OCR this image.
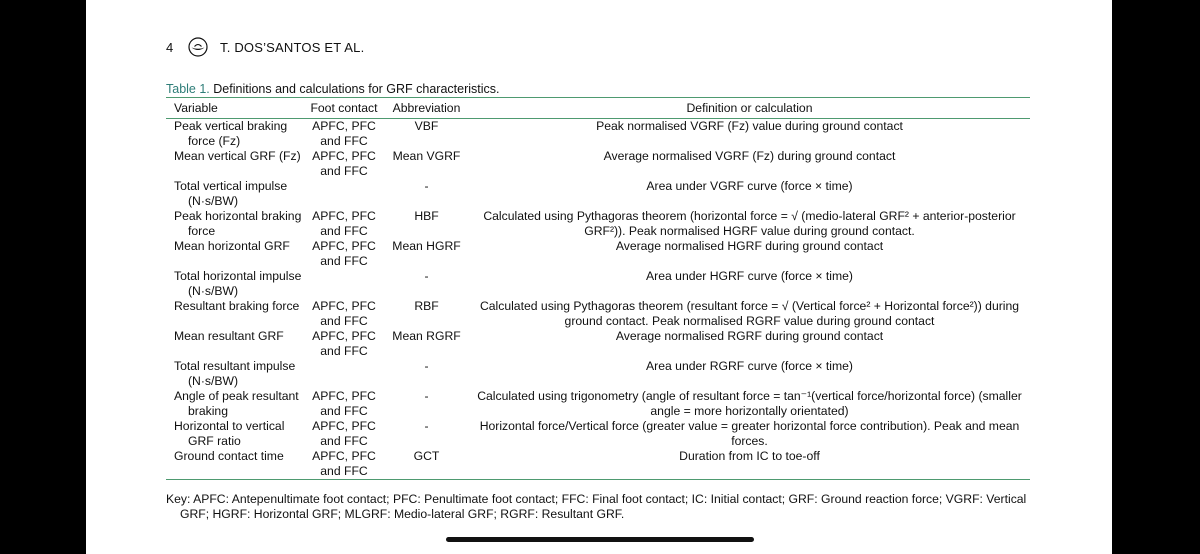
4	T. DOS’SANTOS ET AL.
Table 1. Definitions and calculations for GRF characteristics.
Variable	Foot contact	Abbreviation	Definition or calculation

Peak vertical braking force (Fz)	APFC, PFC and FFC	VBF	Peak normalised VGRF (Fz) value during ground contact

Mean vertical GRF (Fz)	APFC, PFC and FFC	Mean VGRF	Average normalised VGRF (Fz) during ground contact

Total vertical impulse (N·s/BW)		-	Area under VGRF curve (force × time)

Peak horizontal braking force	APFC, PFC and FFC	HBF	Calculated using Pythagoras theorem (horizontal force = √ (medio-lateral GRF² + anterior-posterior GRF²)). Peak normalised HGRF value during ground contact.

Mean horizontal GRF	APFC, PFC and FFC	Mean HGRF	Average normalised HGRF during ground contact

Total horizontal impulse (N·s/BW)		-	Area under HGRF curve (force × time)

Resultant braking force	APFC, PFC and FFC	RBF	Calculated using Pythagoras theorem (resultant force = √ (Vertical force² + Horizontal force²)) during ground contact. Peak normalised RGRF value during ground contact

Mean resultant GRF	APFC, PFC and FFC	Mean RGRF	Average normalised RGRF during ground contact

Total resultant impulse (N·s/BW)		-	Area under RGRF curve (force × time)

Angle of peak resultant braking	APFC, PFC and FFC	-	Calculated using trigonometry (angle of resultant force = tan⁻¹(vertical force/horizontal force) (smaller angle = more horizontally orientated)

Horizontal to vertical GRF ratio	APFC, PFC and FFC	-	Horizontal force/Vertical force (greater value = greater horizontal force contribution). Peak and mean forces.

Ground contact time	APFC, PFC and FFC	GCT	Duration from IC to toe-off
Key: APFC: Antepenultimate foot contact; PFC: Penultimate foot contact; FFC: Final foot contact; IC: Initial contact; GRF: Ground reaction force; VGRF: Vertical GRF; HGRF: Horizontal GRF; MLGRF: Medio-lateral GRF; RGRF: Resultant GRF.
